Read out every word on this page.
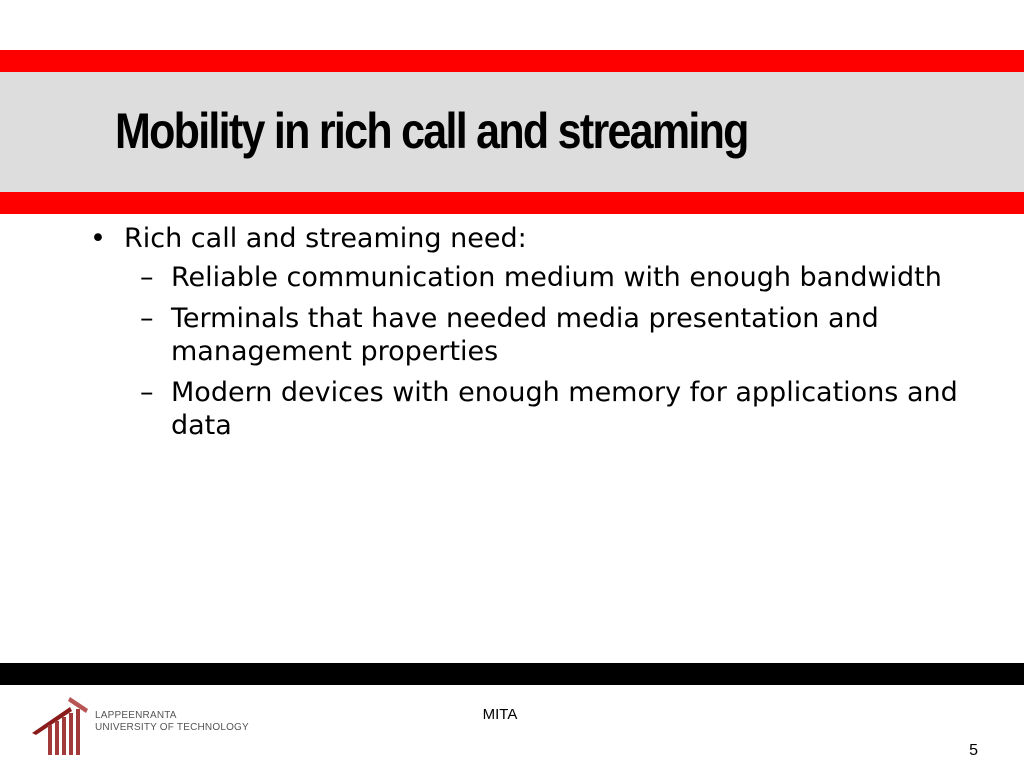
Mobility in rich call and streaming
• Rich call and streaming need:
– Reliable communication medium with enough bandwidth
– Terminals that have needed media presentation and management properties
– Modern devices with enough memory for applications and data
LAPPEENRANTA
UNIVERSITY OF TECHNOLOGY
MITA
5
